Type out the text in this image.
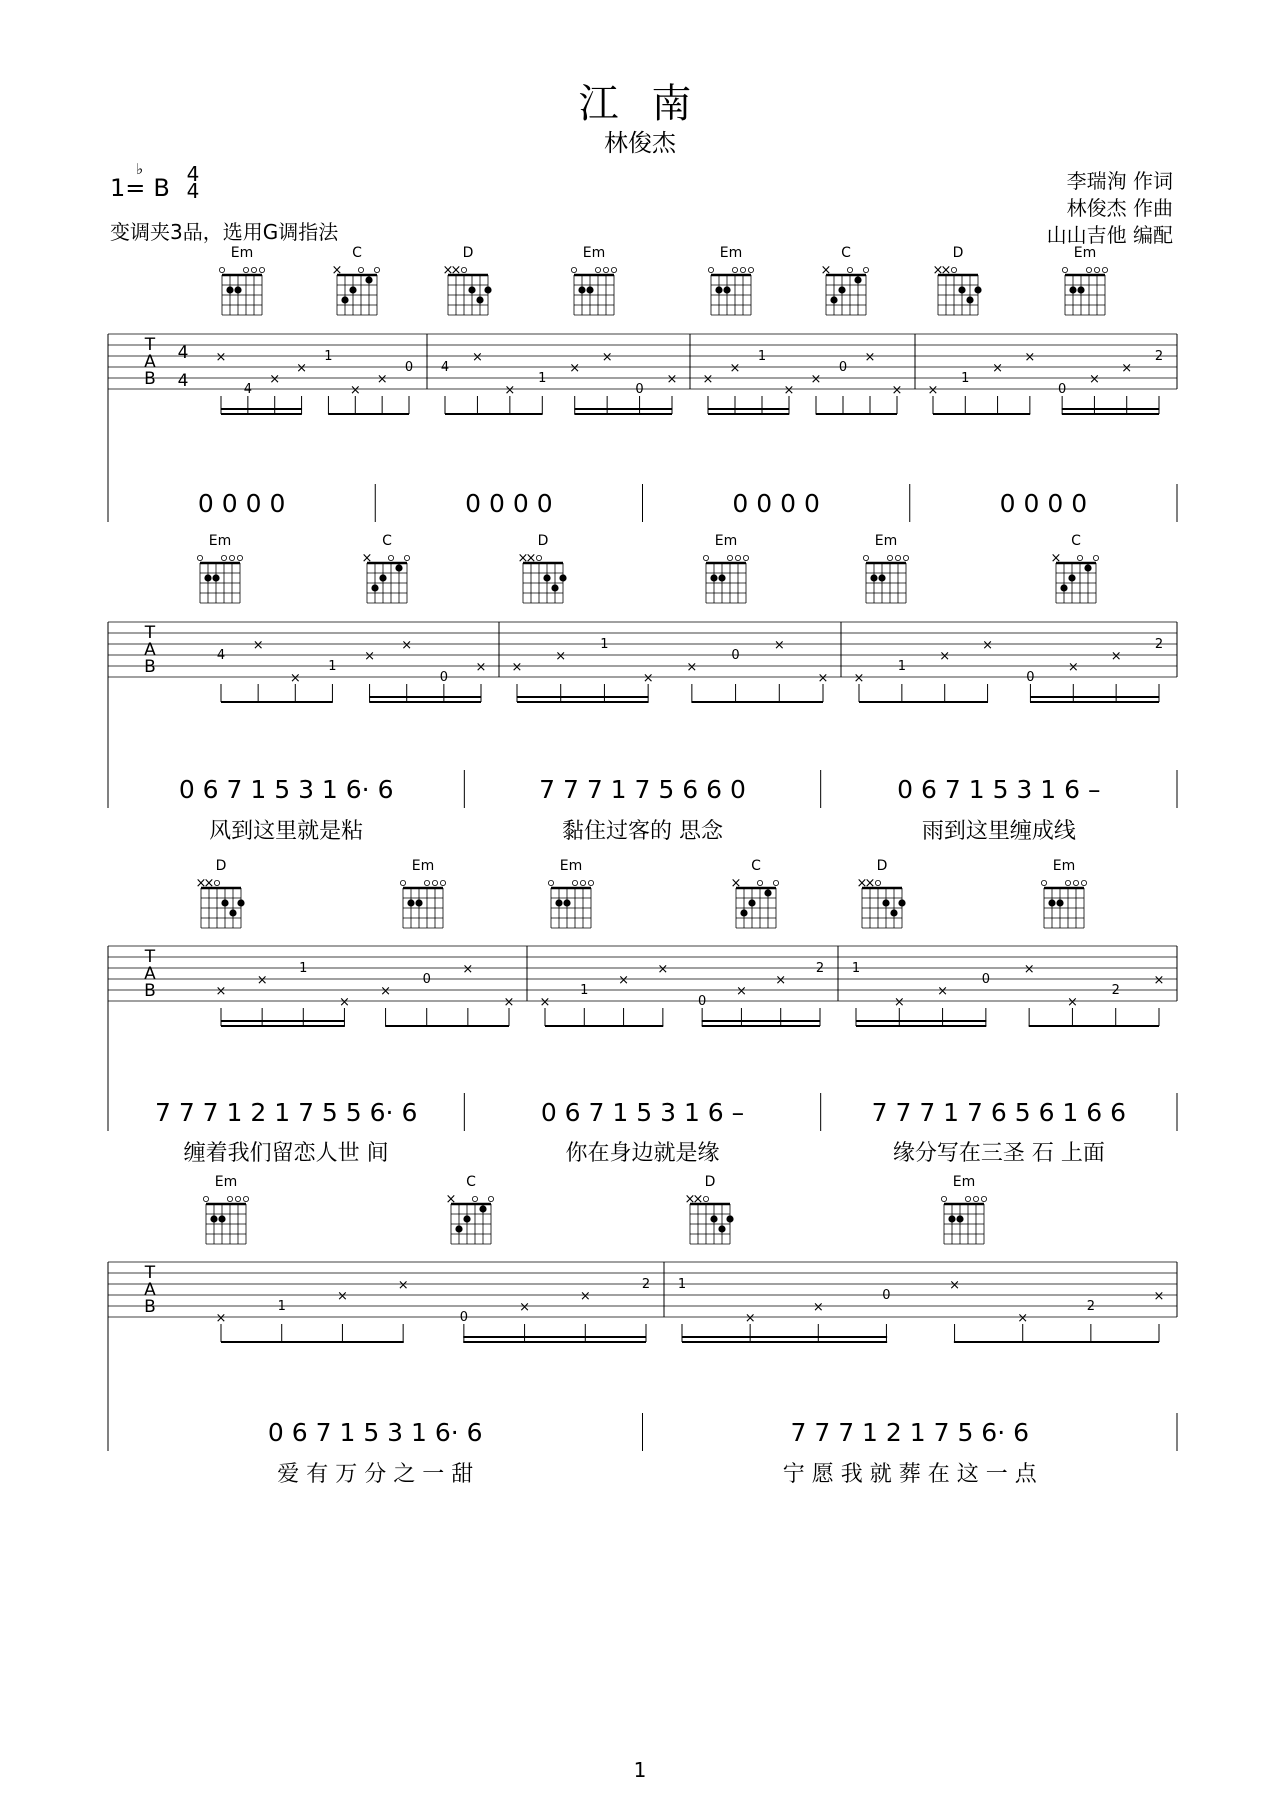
江 南
林俊杰
1=
♭
B 4
4
变调夹3品，选用G调指法
李瑞洵 作词
林俊杰 作曲
山山吉他 编配
Em	C
×
D
×
×
Em	Em	C
×
D
×
×
Em
T
A
B
4
4
×
4
×
×
1
×
×
0 4
×
×
1
×
×
0
× ×
×
1
×
×
0
×
× ×
1
×
×
0
×
×
2
0 0 0 0	0 0 0 0	0 0 0 0	0 0 0 0
Em	C
×
D
×
×
Em	Em	C
×
T
A
B
4
×
×
1
×
×
0
× ×
×
1
×
×
0
×
× ×
1
×
×
0
×
×
2
0 6 7 1 5 3 1 6· 6	7 7 7 1 7 5 6 6 0	0 6 7 1 5 3 1 6 –
风到这里就是粘	黏住过客的 思念	雨到这里缠成线
D
×
×
Em	Em	C
×
D
×
×
Em
T
A
B	×
×
1
×
×
0
×
× ×
1
×
×
0
×
×
2 1
×
×
0
×
×
2
×
7 7 7 1 2 1 7 5 5 6· 6	0 6 7 1 5 3 1 6 –	7 7 7 1 7 6 5 6 1 6 6
缠着我们留恋人世 间	你在身边就是缘	缘分写在三圣 石 上面
Em	C
×
D
×
×
Em
T
A
B
×
1
×
×
0
×
×
2 1
×
×
0
×
×
2
×
0 6 7 1 5 3 1 6· 6	7 7 7 1 2 1 7 5 6· 6
爱 有 万 分 之 一 甜	宁 愿 我 就 葬 在 这 一 点
1
